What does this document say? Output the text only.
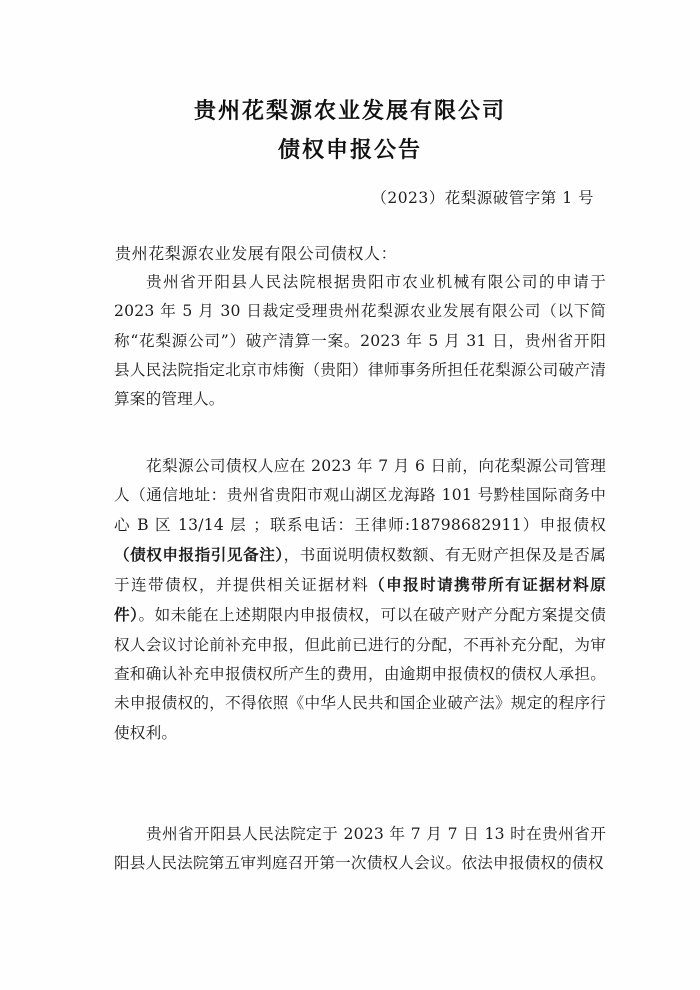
贵州花梨源农业发展有限公司
债权申报公告
（2023）花梨源破管字第 1 号
贵州花梨源农业发展有限公司债权人：

贵州省开阳县人民法院根据贵阳市农业机械有限公司的申请于 2023 年 5 月 30 日裁定受理贵州花梨源农业发展有限公司（以下简称“花梨源公司”）破产清算一案。2023 年 5 月 31 日，贵州省开阳县人民法院指定北京市炜衡（贵阳）律师事务所担任花梨源公司破产清算案的管理人。

花梨源公司债权人应在 2023 年 7 月 6 日前，向花梨源公司管理人（通信地址：贵州省贵阳市观山湖区龙海路 101 号黔桂国际商务中心 B 区 13/14 层 ；联系电话：王律师:18798682911）申报债权（债权申报指引见备注），书面说明债权数额、有无财产担保及是否属于连带债权，并提供相关证据材料（申报时请携带所有证据材料原件）。如未能在上述期限内申报债权，可以在破产财产分配方案提交债权人会议讨论前补充申报，但此前已进行的分配，不再补充分配，为审查和确认补充申报债权所产生的费用，由逾期申报债权的债权人承担。未申报债权的，不得依照《中华人民共和国企业破产法》规定的程序行使权利。

贵州省开阳县人民法院定于 2023 年 7 月 7 日 13 时在贵州省开阳县人民法院第五审判庭召开第一次债权人会议。依法申报债权的债权
